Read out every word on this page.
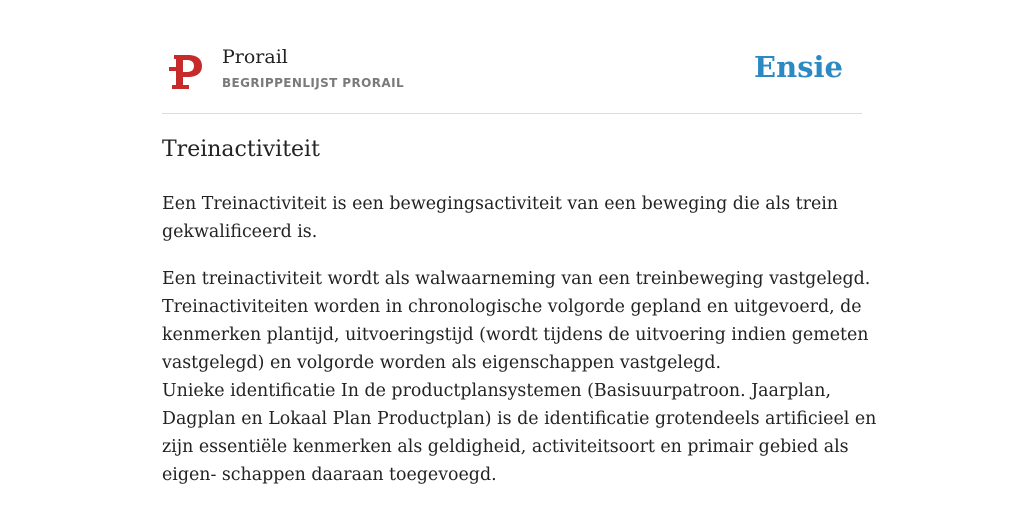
Prorail
BEGRIPPENLIJST PRORAIL	Ensie
Treinactiviteit

Een Treinactiviteit is een bewegingsactiviteit van een beweging die als trein
gekwalificeerd is.

Een treinactiviteit wordt als walwaarneming van een treinbeweging vastgelegd.
Treinactiviteiten worden in chronologische volgorde gepland en uitgevoerd, de
kenmerken plantijd, uitvoeringstijd (wordt tijdens de uitvoering indien gemeten
vastgelegd) en volgorde worden als eigenschappen vastgelegd.
Unieke identificatie In de productplansystemen (Basisuurpatroon. Jaarplan,
Dagplan en Lokaal Plan Productplan) is de identificatie grotendeels artificieel en
zijn essentiële kenmerken als geldigheid, activiteitsoort en primair gebied als
eigen- schappen daaraan toegevoegd.
